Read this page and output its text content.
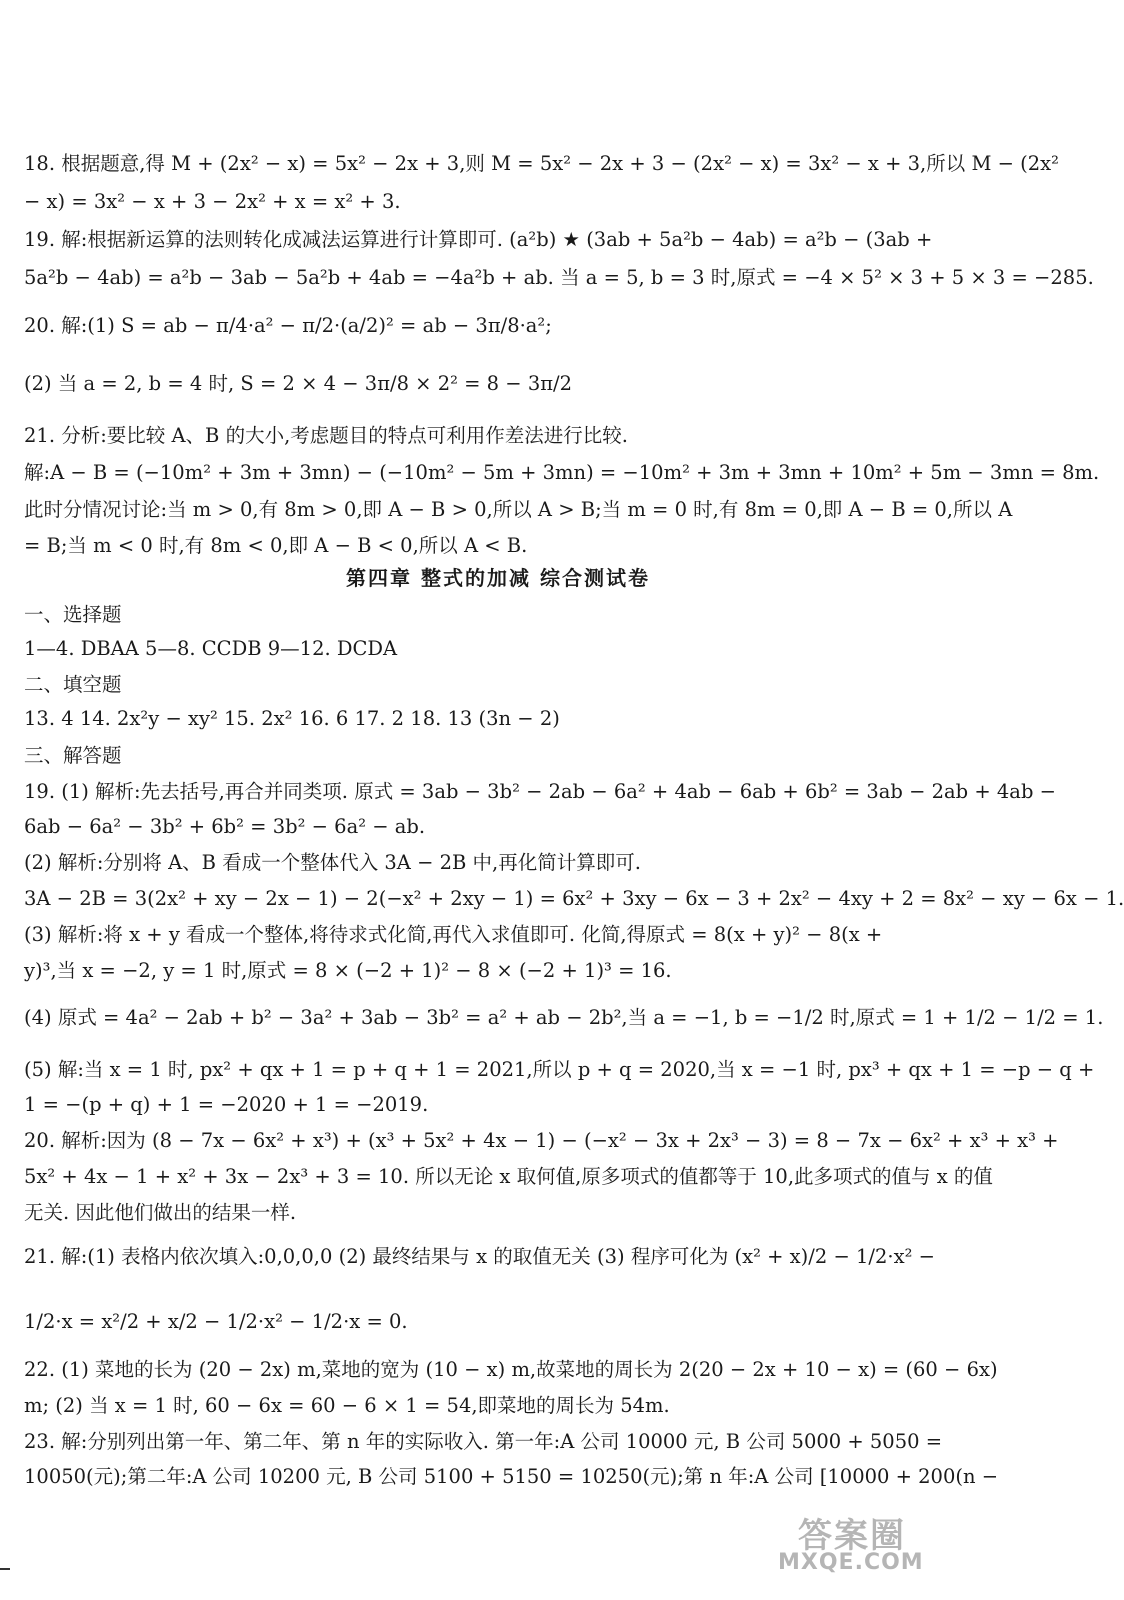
18. 根据题意,得 M + (2x² − x) = 5x² − 2x + 3,则 M = 5x² − 2x + 3 − (2x² − x) = 3x² − x + 3,所以 M − (2x²
− x) = 3x² − x + 3 − 2x² + x = x² + 3.
19. 解:根据新运算的法则转化成减法运算进行计算即可. (a²b) ★ (3ab + 5a²b − 4ab) = a²b − (3ab +
5a²b − 4ab) = a²b − 3ab − 5a²b + 4ab = −4a²b + ab. 当 a = 5, b = 3 时,原式 = −4 × 5² × 3 + 5 × 3 = −285.
20. 解:(1) S = ab − π/4·a² − π/2·(a/2)² = ab − 3π/8·a²;
(2) 当 a = 2, b = 4 时, S = 2 × 4 − 3π/8 × 2² = 8 − 3π/2
21. 分析:要比较 A、B 的大小,考虑题目的特点可利用作差法进行比较.
解:A − B = (−10m² + 3m + 3mn) − (−10m² − 5m + 3mn) = −10m² + 3m + 3mn + 10m² + 5m − 3mn = 8m.
此时分情况讨论:当 m > 0,有 8m > 0,即 A − B > 0,所以 A > B;当 m = 0 时,有 8m = 0,即 A − B = 0,所以 A
= B;当 m < 0 时,有 8m < 0,即 A − B < 0,所以 A < B.
一、选择题
1—4. DBAA 5—8. CCDB 9—12. DCDA
二、填空题
13. 4 14. 2x²y − xy² 15. 2x² 16. 6 17. 2 18. 13 (3n − 2)
三、解答题
19. (1) 解析:先去括号,再合并同类项. 原式 = 3ab − 3b² − 2ab − 6a² + 4ab − 6ab + 6b² = 3ab − 2ab + 4ab −
6ab − 6a² − 3b² + 6b² = 3b² − 6a² − ab.
(2) 解析:分别将 A、B 看成一个整体代入 3A − 2B 中,再化简计算即可.
3A − 2B = 3(2x² + xy − 2x − 1) − 2(−x² + 2xy − 1) = 6x² + 3xy − 6x − 3 + 2x² − 4xy + 2 = 8x² − xy − 6x − 1.
(3) 解析:将 x + y 看成一个整体,将待求式化简,再代入求值即可. 化简,得原式 = 8(x + y)² − 8(x +
y)³,当 x = −2, y = 1 时,原式 = 8 × (−2 + 1)² − 8 × (−2 + 1)³ = 16.
(4) 原式 = 4a² − 2ab + b² − 3a² + 3ab − 3b² = a² + ab − 2b²,当 a = −1, b = −1/2 时,原式 = 1 + 1/2 − 1/2 = 1.
(5) 解:当 x = 1 时, px² + qx + 1 = p + q + 1 = 2021,所以 p + q = 2020,当 x = −1 时, px³ + qx + 1 = −p − q +
1 = −(p + q) + 1 = −2020 + 1 = −2019.
20. 解析:因为 (8 − 7x − 6x² + x³) + (x³ + 5x² + 4x − 1) − (−x² − 3x + 2x³ − 3) = 8 − 7x − 6x² + x³ + x³ +
5x² + 4x − 1 + x² + 3x − 2x³ + 3 = 10. 所以无论 x 取何值,原多项式的值都等于 10,此多项式的值与 x 的值
无关. 因此他们做出的结果一样.
21. 解:(1) 表格内依次填入:0,0,0,0 (2) 最终结果与 x 的取值无关 (3) 程序可化为 (x² + x)/2 − 1/2·x² −
1/2·x = x²/2 + x/2 − 1/2·x² − 1/2·x = 0.
22. (1) 菜地的长为 (20 − 2x) m,菜地的宽为 (10 − x) m,故菜地的周长为 2(20 − 2x + 10 − x) = (60 − 6x)
m; (2) 当 x = 1 时, 60 − 6x = 60 − 6 × 1 = 54,即菜地的周长为 54m.
23. 解:分别列出第一年、第二年、第 n 年的实际收入. 第一年:A 公司 10000 元, B 公司 5000 + 5050 =
10050(元);第二年:A 公司 10200 元, B 公司 5100 + 5150 = 10250(元);第 n 年:A 公司 [10000 + 200(n −
第四章 整式的加减 综合测试卷
答案圈
MXQE.COM
